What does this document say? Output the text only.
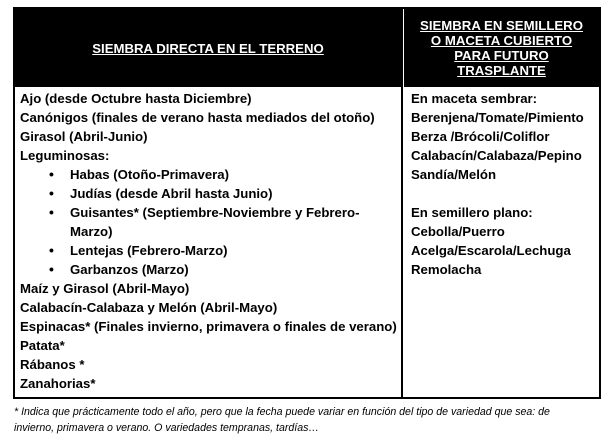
SIEMBRA DIRECTA EN EL TERRENO
SIEMBRA EN SEMILLERO
O MACETA CUBIERTO
PARA FUTURO
TRASPLANTE
Ajo (desde Octubre hasta Diciembre)
Canónigos (finales de verano hasta mediados del otoño)
Girasol (Abril-Junio)
Leguminosas:
• Habas (Otoño-Primavera)
• Judías (desde Abril hasta Junio)
• Guisantes* (Septiembre-Noviembre y Febrero-
Marzo)
• Lentejas (Febrero-Marzo)
• Garbanzos (Marzo)
Maíz y Girasol (Abril-Mayo)
Calabacín-Calabaza y Melón (Abril-Mayo)
Espinacas* (Finales invierno, primavera o finales de verano)
Patata*
Rábanos *
Zanahorias*
En maceta sembrar:
Berenjena/Tomate/Pimiento
Berza /Brócoli/Coliflor
Calabacín/Calabaza/Pepino
Sandía/Melón
En semillero plano:
Cebolla/Puerro
Acelga/Escarola/Lechuga
Remolacha
* Indica que prácticamente todo el año, pero que la fecha puede variar en función del tipo de variedad que sea: de
invierno, primavera o verano. O variedades tempranas, tardías…
